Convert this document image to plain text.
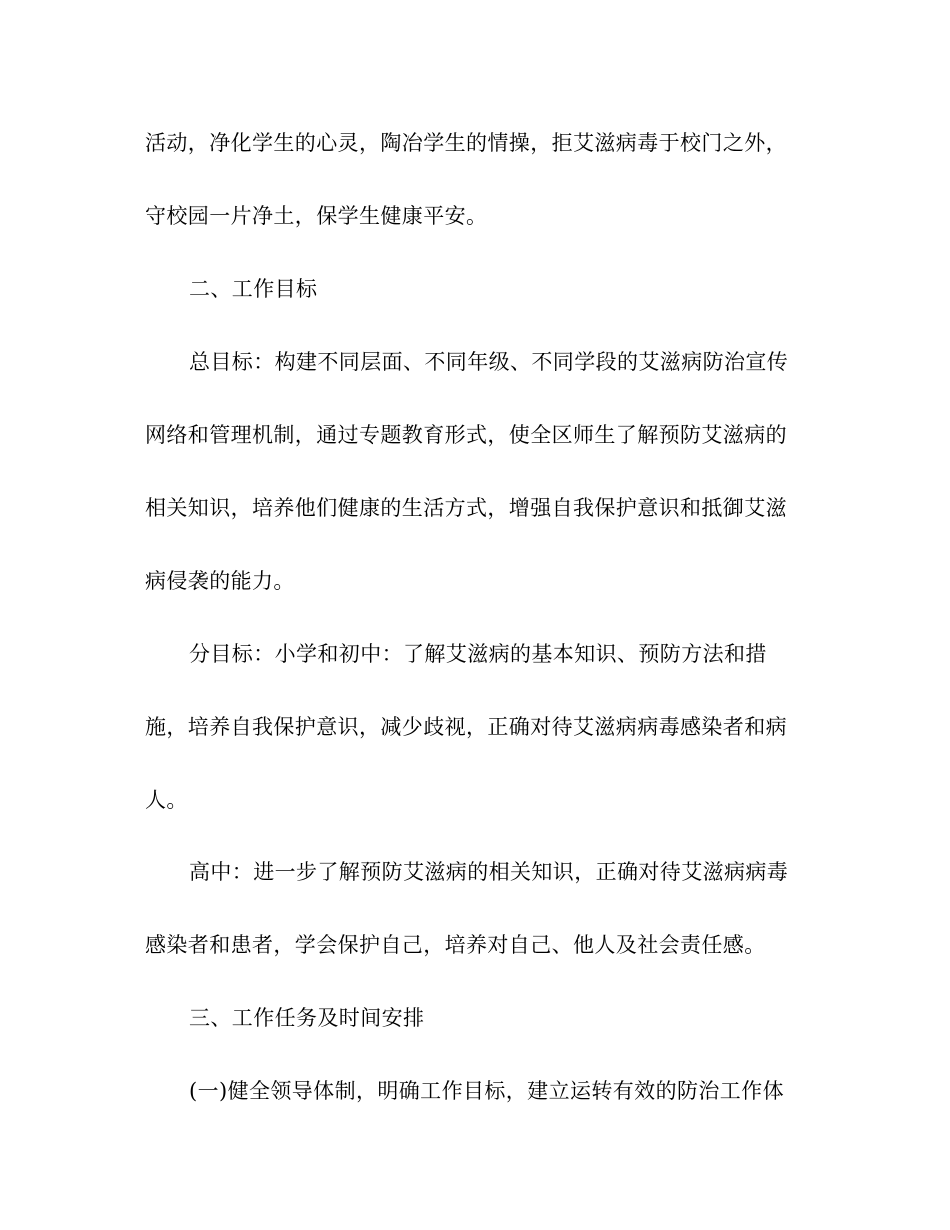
活动，净化学生的心灵，陶冶学生的情操，拒艾滋病毒于校门之外，
守校园一片净土，保学生健康平安。
二、工作目标
总目标：构建不同层面、不同年级、不同学段的艾滋病防治宣传
网络和管理机制，通过专题教育形式，使全区师生了解预防艾滋病的
相关知识，培养他们健康的生活方式，增强自我保护意识和抵御艾滋
病侵袭的能力。
分目标：小学和初中：了解艾滋病的基本知识、预防方法和措
施，培养自我保护意识，减少歧视，正确对待艾滋病病毒感染者和病
人。
高中：进一步了解预防艾滋病的相关知识，正确对待艾滋病病毒
感染者和患者，学会保护自己，培养对自己、他人及社会责任感。
三、工作任务及时间安排
(一)健全领导体制，明确工作目标，建立运转有效的防治工作体
